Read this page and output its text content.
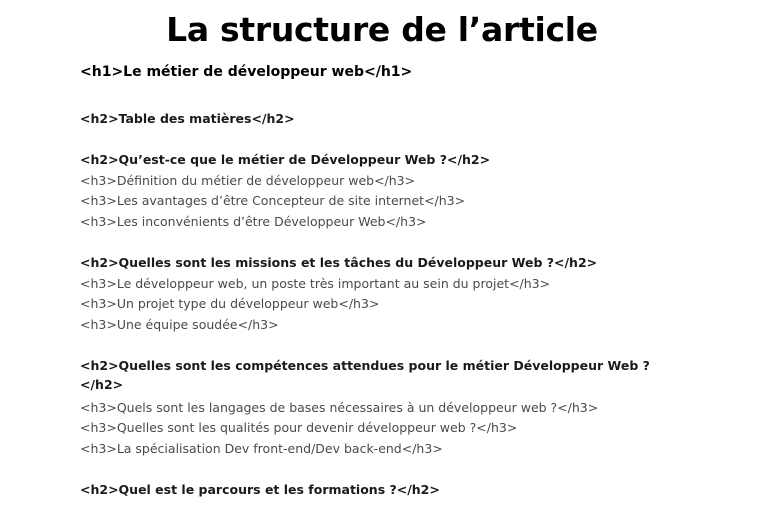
La structure de l’article
<h1>Le métier de développeur web</h1>
<h2>Table des matières</h2>
<h2>Qu’est-ce que le métier de Développeur Web ?</h2>
<h3>Définition du métier de développeur web</h3>
<h3>Les avantages d’être Concepteur de site internet</h3>
<h3>Les inconvénients d’être Développeur Web</h3>
<h2>Quelles sont les missions et les tâches du Développeur Web ?</h2>
<h3>Le développeur web, un poste très important au sein du projet</h3>
<h3>Un projet type du développeur web</h3>
<h3>Une équipe soudée</h3>
<h2>Quelles sont les compétences attendues pour le métier Développeur Web ?</h2>
<h3>Quels sont les langages de bases nécessaires à un développeur web ?</h3>
<h3>Quelles sont les qualités pour devenir développeur web ?</h3>
<h3>La spécialisation Dev front-end/Dev back-end</h3>
<h2>Quel est le parcours et les formations ?</h2>
